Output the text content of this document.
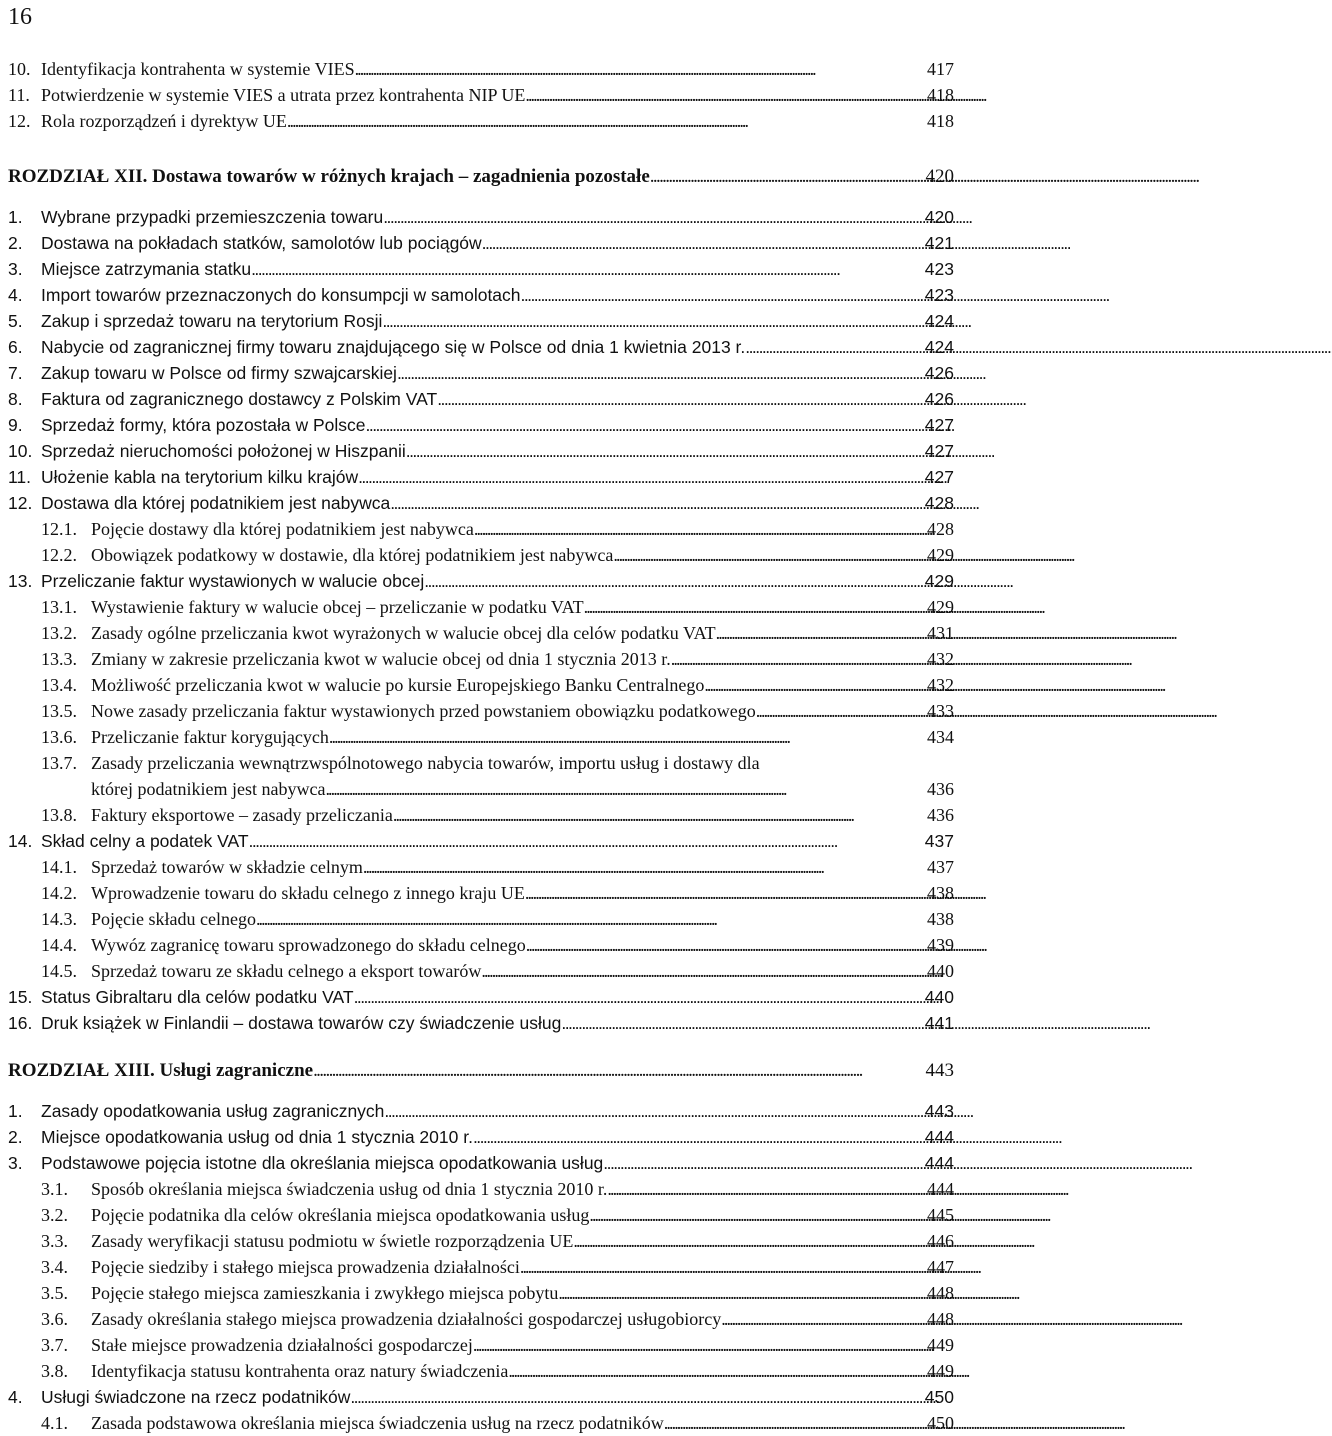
16
10. Identyfikacja kontrahenta w systemie VIES . . .	417
11. Potwierdzenie w systemie VIES a utrata przez kontrahenta NIP UE . . .	418
12. Rola rozporządzeń i dyrektyw UE . . .	418
ROZDZIAŁ XII. Dostawa towarów w różnych krajach – zagadnienia pozostałe . . .	420
1.	Wybrane przypadki przemieszczenia towaru . . .	420
2.	Dostawa na pokładach statków, samolotów lub pociągów . . .	421
3.	Miejsce zatrzymania statku . . .	423
4.	Import towarów przeznaczonych do konsumpcji w samolotach . . .	423
5.	Zakup i sprzedaż towaru na terytorium Rosji . . .	424
6.	Nabycie od zagranicznej firmy towaru znajdującego się w Polsce od dnia 1 kwietnia 2013 r. . . .	424
7.	Zakup towaru w Polsce od firmy szwajcarskiej . . .	426
8.	Faktura od zagranicznego dostawcy z Polskim VAT . . .	426
9.	Sprzedaż formy, która pozostała w Polsce . . .	427
10. Sprzedaż nieruchomości położonej w Hiszpanii . . .	427
11. Ułożenie kabla na terytorium kilku krajów . . .	427
12. Dostawa dla której podatnikiem jest nabywca . . .	428
12.1. Pojęcie dostawy dla której podatnikiem jest nabywca . . .	428
12.2. Obowiązek podatkowy w dostawie, dla której podatnikiem jest nabywca . . .	429
13. Przeliczanie faktur wystawionych w walucie obcej . . .	429
13.1. Wystawienie faktury w walucie obcej – przeliczanie w podatku VAT . . .	429
13.2. Zasady ogólne przeliczania kwot wyrażonych w walucie obcej dla celów podatku VAT . . .	431
13.3. Zmiany w zakresie przeliczania kwot w walucie obcej od dnia 1 stycznia 2013 r. . . .	432
13.4. Możliwość przeliczania kwot w walucie po kursie Europejskiego Banku Centralnego . . .	432
13.5. Nowe zasady przeliczania faktur wystawionych przed powstaniem obowiązku podatkowego . . .	433
13.6. Przeliczanie faktur korygujących . . .	434
13.7. Zasady przeliczania wewnątrzwspólnotowego nabycia towarów, importu usług i dostawy dla
której podatnikiem jest nabywca . . .	436
13.8. Faktury eksportowe – zasady przeliczania . . .	436
14. Skład celny a podatek VAT . . .	437
14.1. Sprzedaż towarów w składzie celnym . . .	437
14.2. Wprowadzenie towaru do składu celnego z innego kraju UE . . .	438
14.3. Pojęcie składu celnego . . .	438
14.4. Wywóz zagranicę towaru sprowadzonego do składu celnego . . .	439
14.5. Sprzedaż towaru ze składu celnego a eksport towarów . . .	440
15. Status Gibraltaru dla celów podatku VAT . . .	440
16. Druk książek w Finlandii – dostawa towarów czy świadczenie usług . . .	441
ROZDZIAŁ XIII. Usługi zagraniczne . . .	443
1.	Zasady opodatkowania usług zagranicznych . . .	443
2.	Miejsce opodatkowania usług od dnia 1 stycznia 2010 r. . . .	444
3.	Podstawowe pojęcia istotne dla określania miejsca opodatkowania usług . . .	444
3.1.	Sposób określania miejsca świadczenia usług od dnia 1 stycznia 2010 r. . . .	444
3.2.	Pojęcie podatnika dla celów określania miejsca opodatkowania usług . . .	445
3.3.	Zasady weryfikacji statusu podmiotu w świetle rozporządzenia UE . . .	446
3.4.	Pojęcie siedziby i stałego miejsca prowadzenia działalności . . .	447
3.5.	Pojęcie stałego miejsca zamieszkania i zwykłego miejsca pobytu . . .	448
3.6.	Zasady określania stałego miejsca prowadzenia działalności gospodarczej usługobiorcy . . .	448
3.7.	Stałe miejsce prowadzenia działalności gospodarczej . . .	449
3.8.	Identyfikacja statusu kontrahenta oraz natury świadczenia . . .	449
4.	Usługi świadczone na rzecz podatników . . .	450
4.1.	Zasada podstawowa określania miejsca świadczenia usług na rzecz podatników . . .	450
